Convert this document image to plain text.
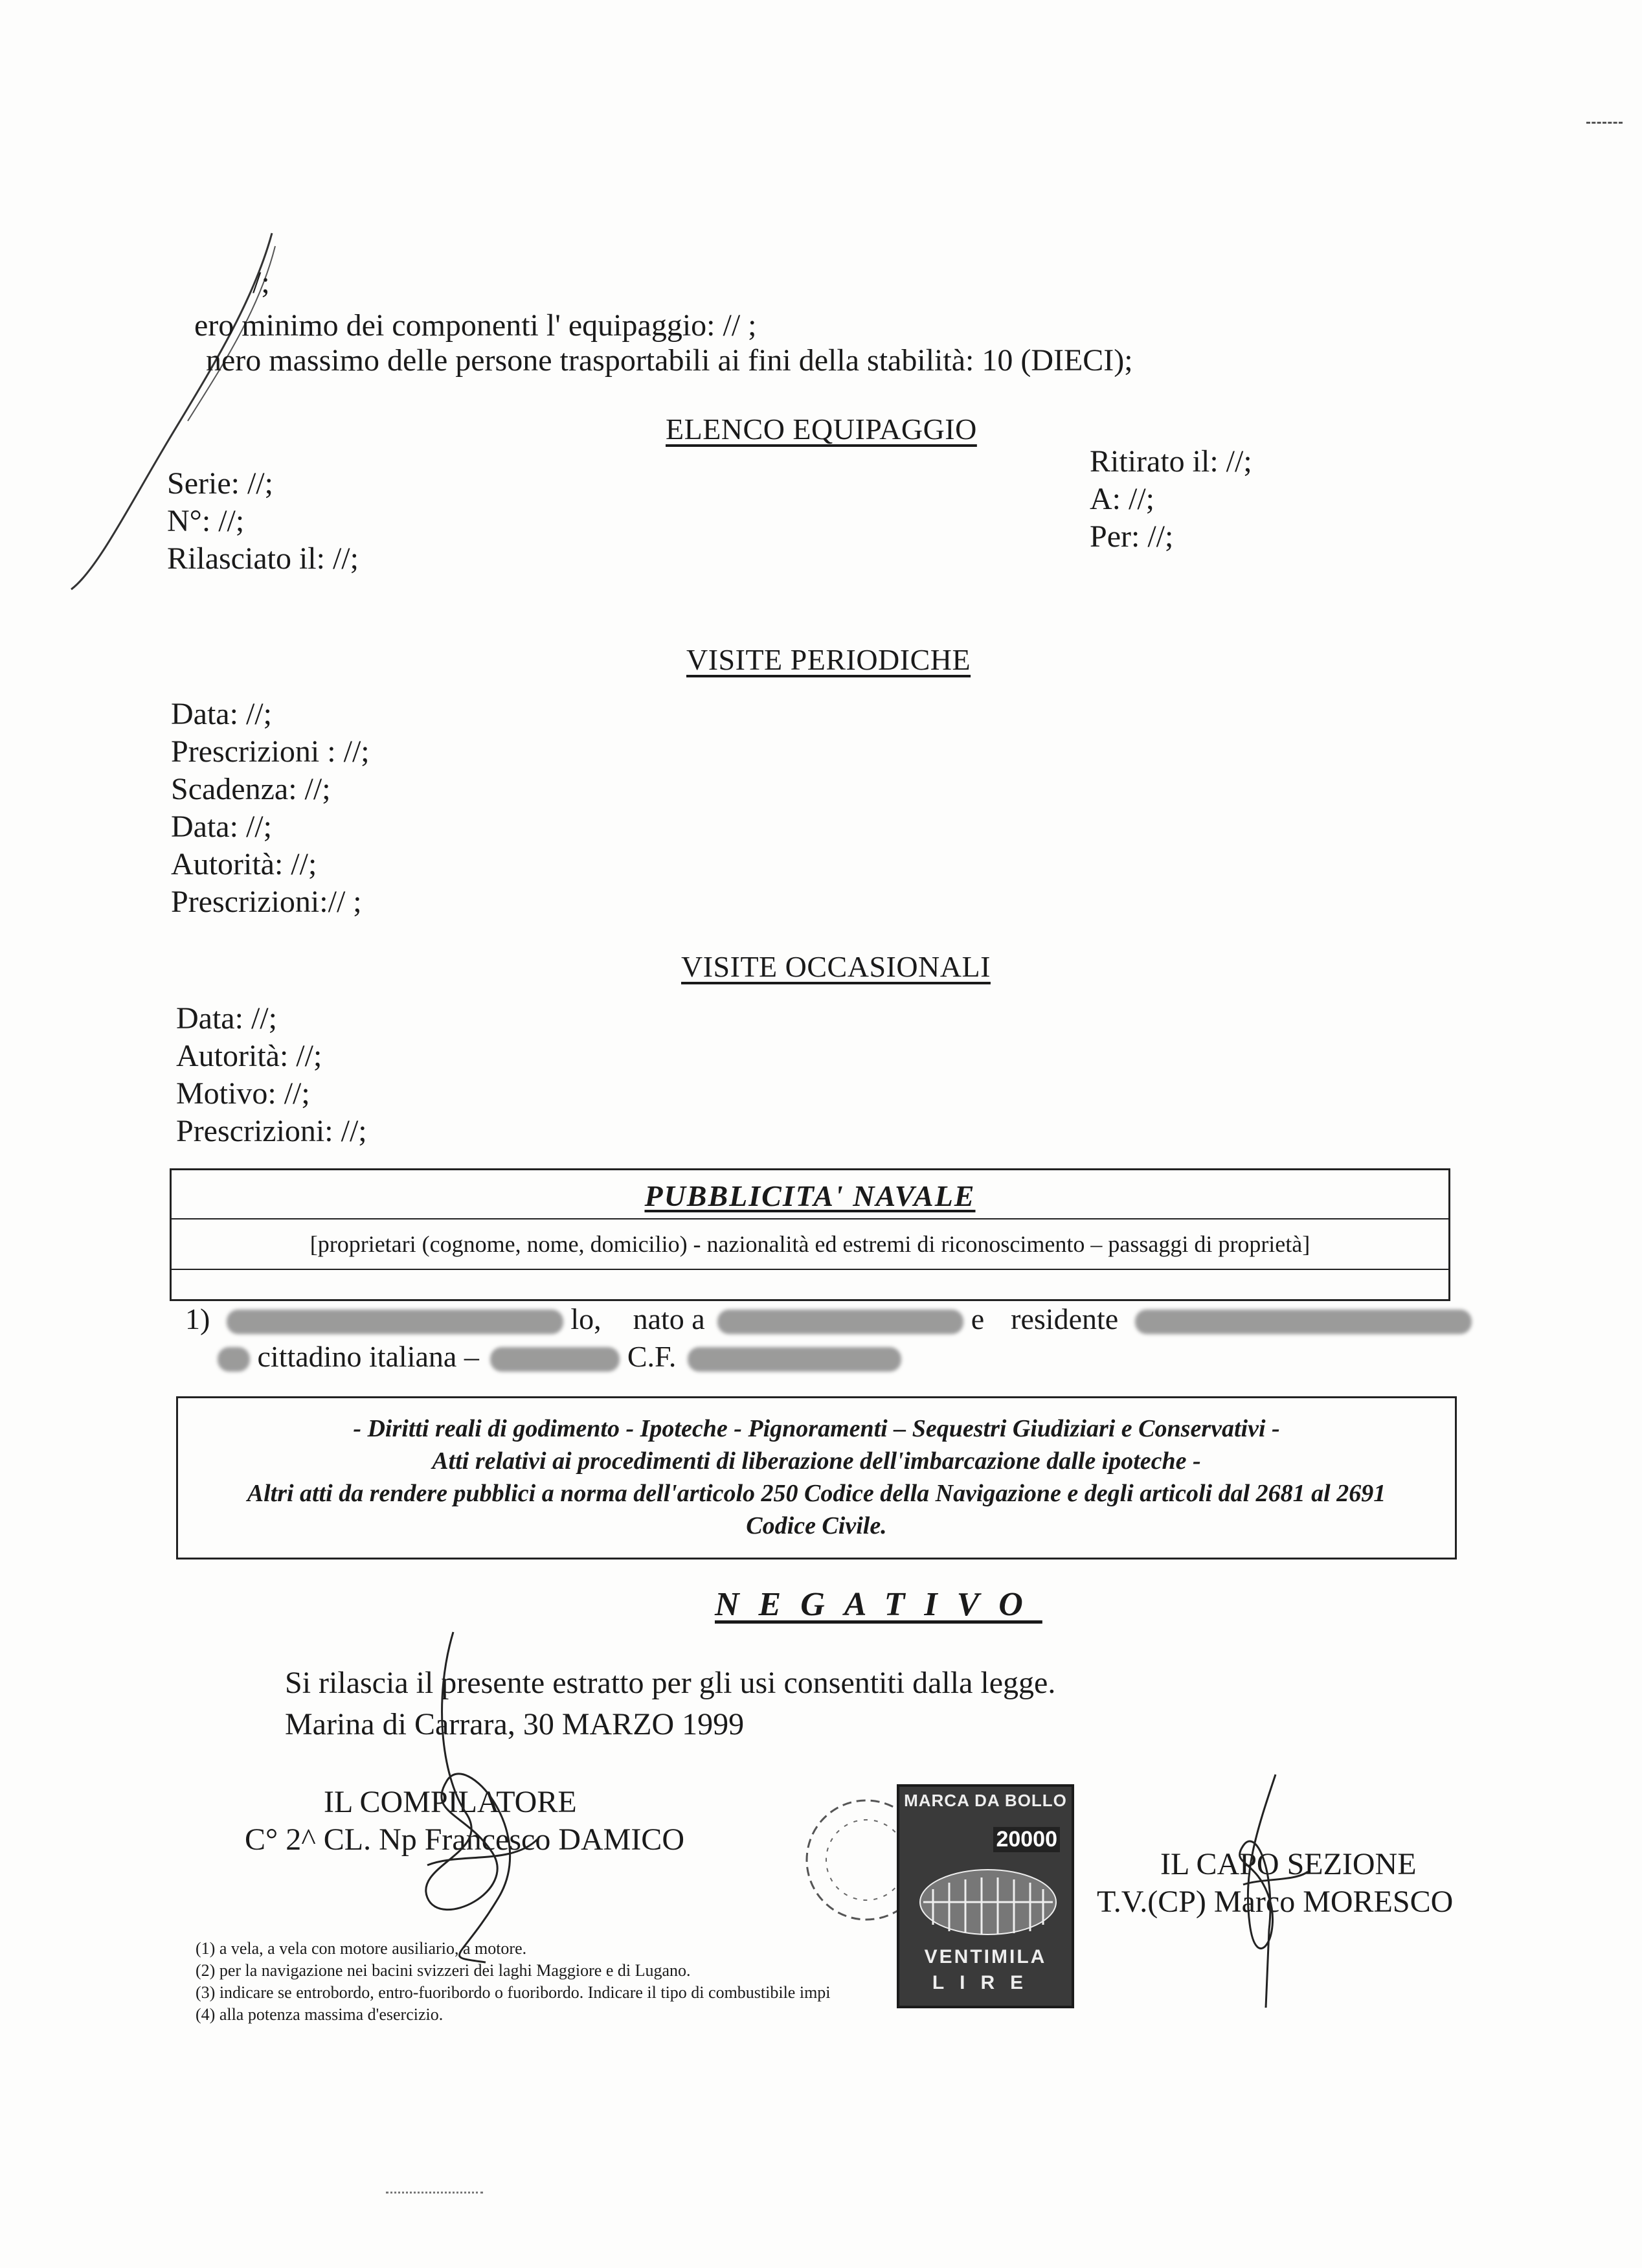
/;
ero minimo dei componenti l' equipaggio: // ;
nero massimo delle persone trasportabili ai fini della stabilità: 10 (DIECI);
ELENCO EQUIPAGGIO
Serie: //;
N°: //;
Rilasciato il: //;
Ritirato il: //;
A: //;
Per: //;
VISITE PERIODICHE
Data: //;
Prescrizioni : //;
Scadenza: //;
Data: //;
Autorità: //;
Prescrizioni:// ;
VISITE OCCASIONALI
Data: //;
Autorità: //;
Motivo: //;
Prescrizioni: //;
PUBBLICITA' NAVALE
[proprietari (cognome, nome, domicilio) - nazionalità ed estremi di riconoscimento – passaggi di proprietà]
1)	lo, nato a	e residente
cittadino italiana –	C.F.
- Diritti reali di godimento - Ipoteche - Pignoramenti – Sequestri Giudiziari e Conservativi -
Atti relativi ai procedimenti di liberazione dell'imbarcazione dalle ipoteche -
Altri atti da rendere pubblici a norma dell'articolo 250 Codice della Navigazione e degli articoli dal 2681 al 2691
Codice Civile.
NEGATIVO
Si rilascia il presente estratto per gli usi consentiti dalla legge.
Marina di Carrara, 30 MARZO 1999
IL COMPILATORE
C° 2^ CL. Np Francesco DAMICO
MARCA DA BOLLO
20000
VENTIMILA
LIRE
IL CAPO SEZIONE
T.V.(CP) Marco MORESCO
(1) a vela, a vela con motore ausiliario, a motore.
(2) per la navigazione nei bacini svizzeri dei laghi Maggiore e di Lugano.
(3) indicare se entrobordo, entro-fuoribordo o fuoribordo. Indicare il tipo di combustibile impi
(4) alla potenza massima d'esercizio.
